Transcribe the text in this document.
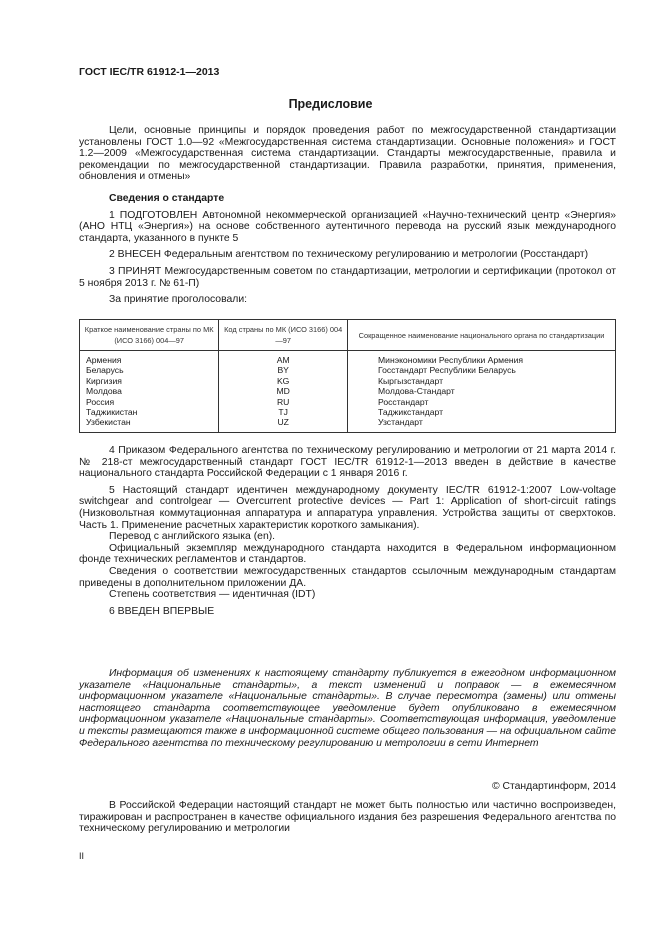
ГОСТ IEC/TR 61912-1—2013
Предисловие

Цели, основные принципы и порядок проведения работ по межгосударственной стандартизации установлены ГОСТ 1.0—92 «Межгосударственная система стандартизации. Основные положения» и ГОСТ 1.2—2009 «Межгосударственная система стандартизации. Стандарты межгосударственные, правила и рекомендации по межгосударственной стандартизации. Правила разработки, принятия, применения, обновления и отмены»

Сведения о стандарте

1 ПОДГОТОВЛЕН Автономной некоммерческой организацией «Научно-технический центр «Энергия» (АНО НТЦ «Энергия») на основе собственного аутентичного перевода на русский язык международного стандарта, указанного в пункте 5

2 ВНЕСЕН Федеральным агентством по техническому регулированию и метрологии (Росстандарт)

3 ПРИНЯТ Межгосударственным советом по стандартизации, метрологии и сертификации (протокол от 5 ноября 2013 г. № 61-П)

За принятие проголосовали:

Краткое наименование страны по МК (ИСО 3166) 004—97	Код страны по МК (ИСО 3166) 004—97	Сокращенное наименование национального органа по стандартизации
Армения	AM	Минэкономики Республики Армения
Беларусь	BY	Госстандарт Республики Беларусь
Киргизия	KG	Кыргызстандарт
Молдова	MD	Молдова-Стандарт
Россия	RU	Росстандарт
Таджикистан	TJ	Таджикстандарт
Узбекистан	UZ	Узстандарт

4 Приказом Федерального агентства по техническому регулированию и метрологии от 21 марта 2014 г. № 218-ст межгосударственный стандарт ГОСТ IEC/TR 61912-1—2013 введен в действие в качестве национального стандарта Российской Федерации с 1 января 2016 г.

5 Настоящий стандарт идентичен международному документу IEC/TR 61912-1:2007 Low-voltage switchgear and controlgear — Overcurrent protective devices — Part 1: Application of short-circuit ratings (Низковольтная коммутационная аппаратура и аппаратура управления. Устройства защиты от сверхтоков. Часть 1. Применение расчетных характеристик короткого замыкания).

Перевод с английского языка (en).

Официальный экземпляр международного стандарта находится в Федеральном информационном фонде технических регламентов и стандартов.

Сведения о соответствии межгосударственных стандартов ссылочным международным стандартам приведены в дополнительном приложении ДА.

Степень соответствия — идентичная (IDT)

6 ВВЕДЕН ВПЕРВЫЕ

Информация об изменениях к настоящему стандарту публикуется в ежегодном информационном указателе «Национальные стандарты», а текст изменений и поправок — в ежемесячном информационном указателе «Национальные стандарты». В случае пересмотра (замены) или отмены настоящего стандарта соответствующее уведомление будет опубликовано в ежемесячном информационном указателе «Национальные стандарты». Соответствующая информация, уведомление и тексты размещаются также в информационной системе общего пользования — на официальном сайте Федерального агентства по техническому регулированию и метрологии в сети Интернет

© Стандартинформ, 2014

В Российской Федерации настоящий стандарт не может быть полностью или частично воспроизведен, тиражирован и распространен в качестве официального издания без разрешения Федерального агентства по техническому регулированию и метрологии

II
